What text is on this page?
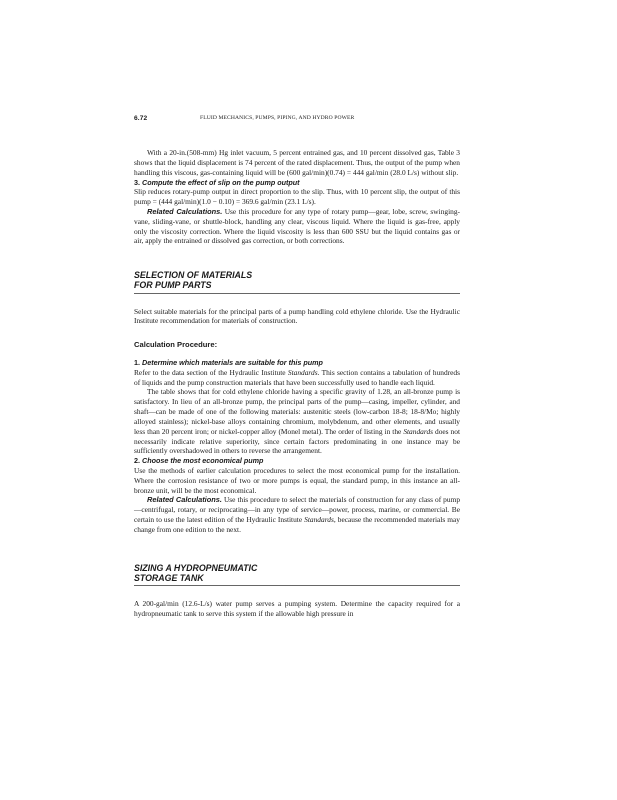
6.72	FLUID MECHANICS, PUMPS, PIPING, AND HYDRO POWER

With a 20-in.(508-mm) Hg inlet vacuum, 5 percent entrained gas, and 10 percent dissolved gas, Table 3 shows that the liquid displacement is 74 percent of the rated displacement. Thus, the output of the pump when handling this viscous, gas-containing liquid will be (600 gal/min)(0.74) = 444 gal/min (28.0 L/s) without slip.

3. Compute the effect of slip on the pump output

Slip reduces rotary-pump output in direct proportion to the slip. Thus, with 10 percent slip, the output of this pump = (444 gal/min)(1.0 − 0.10) = 369.6 gal/min (23.1 L/s).

Related Calculations. Use this procedure for any type of rotary pump—gear, lobe, screw, swinging-vane, sliding-vane, or shuttle-block, handling any clear, viscous liquid. Where the liquid is gas-free, apply only the viscosity correction. Where the liquid viscosity is less than 600 SSU but the liquid contains gas or air, apply the entrained or dissolved gas correction, or both corrections.

SELECTION OF MATERIALS
FOR PUMP PARTS

Select suitable materials for the principal parts of a pump handling cold ethylene chloride. Use the Hydraulic Institute recommendation for materials of construction.

Calculation Procedure:
1. Determine which materials are suitable for this pump

Refer to the data section of the Hydraulic Institute Standards. This section contains a tabulation of hundreds of liquids and the pump construction materials that have been successfully used to handle each liquid.

The table shows that for cold ethylene chloride having a specific gravity of 1.28, an all-bronze pump is satisfactory. In lieu of an all-bronze pump, the principal parts of the pump—casing, impeller, cylinder, and shaft—can be made of one of the following materials: austenitic steels (low-carbon 18-8; 18-8/Mo; highly alloyed stainless); nickel-base alloys containing chromium, molybdenum, and other elements, and usually less than 20 percent iron; or nickel-copper alloy (Monel metal). The order of listing in the Standards does not necessarily indicate relative superiority, since certain factors predominating in one instance may be sufficiently overshadowed in others to reverse the arrangement.

2. Choose the most economical pump

Use the methods of earlier calculation procedures to select the most economical pump for the installation. Where the corrosion resistance of two or more pumps is equal, the standard pump, in this instance an all-bronze unit, will be the most economical.

Related Calculations. Use this procedure to select the materials of construction for any class of pump—centrifugal, rotary, or reciprocating—in any type of service—power, process, marine, or commercial. Be certain to use the latest edition of the Hydraulic Institute Standards, because the recommended materials may change from one edition to the next.

SIZING A HYDROPNEUMATIC
STORAGE TANK

A 200-gal/min (12.6-L/s) water pump serves a pumping system. Determine the capacity required for a hydropneumatic tank to serve this system if the allowable high pressure in
